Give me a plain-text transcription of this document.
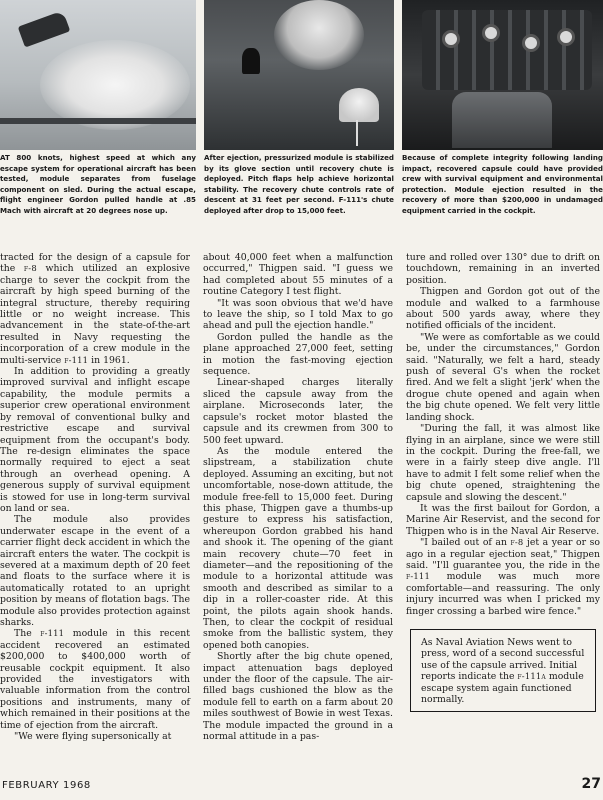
AT 800 knots, highest speed at which any escape system for operational aircraft has been tested, module separates from fuselage component on sled. During the actual escape, flight engineer Gordon pulled handle at .85 Mach with aircraft at 20 degrees nose up.
After ejection, pressurized module is stabilized by its glove section until recovery chute is deployed. Pitch flaps help achieve horizontal stability. The recovery chute controls rate of descent at 31 feet per second. F-111's chute deployed after drop to 15,000 feet.
Because of complete integrity following landing impact, recovered capsule could have provided crew with survival equipment and environmental protection. Module ejection resulted in the recovery of more than $200,000 in undamaged equipment carried in the cockpit.

tracted for the design of a capsule for the f-8 which utilized an explosive charge to sever the cockpit from the aircraft by high speed burning of the integral structure, thereby requiring little or no weight increase. This advancement in the state-of-the-art resulted in Navy requesting the incorporation of a crew module in the multi-service f-111 in 1961.

In addition to providing a greatly improved survival and inflight escape capability, the module permits a superior crew operational environment by removal of conventional bulky and restrictive escape and survival equipment from the occupant's body. The re-design eliminates the space normally required to eject a seat through an overhead opening. A generous supply of survival equipment is stowed for use in long-term survival on land or sea.

The module also provides underwater escape in the event of a carrier flight deck accident in which the aircraft enters the water. The cockpit is severed at a maximum depth of 20 feet and floats to the surface where it is automatically rotated to an upright position by means of flotation bags. The module also provides protection against sharks.

The f-111 module in this recent accident recovered an estimated $200,000 to $400,000 worth of reusable cockpit equipment. It also provided the investigators with valuable information from the control positions and instruments, many of which remained in their positions at the time of ejection from the aircraft.

"We were flying supersonically at

about 40,000 feet when a malfunction occurred," Thigpen said. "I guess we had completed about 55 minutes of a routine Category I test flight.

"It was soon obvious that we'd have to leave the ship, so I told Max to go ahead and pull the ejection handle."

Gordon pulled the handle as the plane approached 27,000 feet, setting in motion the fast-moving ejection sequence.

Linear-shaped charges literally sliced the capsule away from the airplane. Microseconds later, the capsule's rocket motor blasted the capsule and its crewmen from 300 to 500 feet upward.

As the module entered the slipstream, a stabilization chute deployed. Assuming an exciting, but not uncomfortable, nose-down attitude, the module free-fell to 15,000 feet. During this phase, Thigpen gave a thumbs-up gesture to express his satisfaction, whereupon Gordon grabbed his hand and shook it. The opening of the giant main recovery chute—70 feet in diameter—and the repositioning of the module to a horizontal attitude was smooth and described as similar to a dip in a roller-coaster ride. At this point, the pilots again shook hands. Then, to clear the cockpit of residual smoke from the ballistic system, they opened both canopies.

Shortly after the big chute opened, impact attenuation bags deployed under the floor of the capsule. The air-filled bags cushioned the blow as the module fell to earth on a farm about 20 miles southwest of Bowie in west Texas. The module impacted the ground in a normal attitude in a pas-

ture and rolled over 130° due to drift on touchdown, remaining in an inverted position.

Thigpen and Gordon got out of the module and walked to a farmhouse about 500 yards away, where they notified officials of the incident.

"We were as comfortable as we could be, under the circumstances," Gordon said. "Naturally, we felt a hard, steady push of several G's when the rocket fired. And we felt a slight 'jerk' when the drogue chute opened and again when the big chute opened. We felt very little landing shock.

"During the fall, it was almost like flying in an airplane, since we were still in the cockpit. During the free-fall, we were in a fairly steep dive angle. I'll have to admit I felt some relief when the big chute opened, straightening the capsule and slowing the descent."

It was the first bailout for Gordon, a Marine Air Reservist, and the second for Thigpen who is in the Naval Air Reserve.

"I bailed out of an f-8 jet a year or so ago in a regular ejection seat," Thigpen said. "I'll guarantee you, the ride in the f-111 module was much more comfortable—and reassuring. The only injury incurred was when I pricked my finger crossing a barbed wire fence."

As Naval Aviation News went to press, word of a second successful use of the capsule arrived. Initial reports indicate the f-111a module escape system again functioned normally.
FEBRUARY 1968	27
